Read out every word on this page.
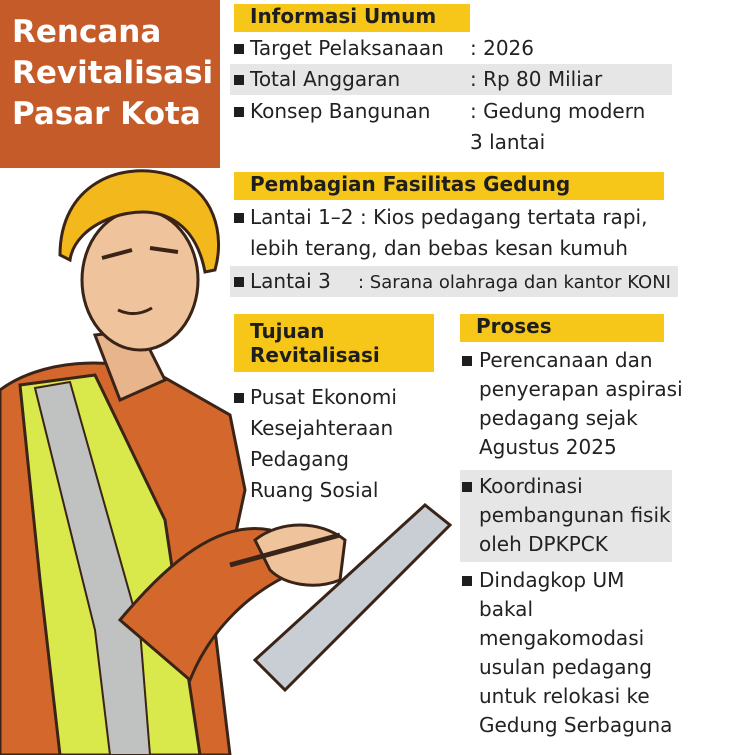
Rencana
Revitalisasi
Pasar Kota
Informasi Umum
Target Pelaksanaan : 2026
Total Anggaran	: Rp 80 Miliar
Konsep Bangunan : Gedung modern
3 lantai
Pembagian Fasilitas Gedung
Lantai 1–2 : Kios pedagang tertata rapi,
lebih terang, dan bebas kesan kumuh
Lantai 3 : Sarana olahraga dan kantor KONI
Tujuan
Revitalisasi
Pusat Ekonomi
Kesejahteraan
Pedagang
Ruang Sosial
Proses
Perencanaan dan
penyerapan aspirasi
pedagang sejak
Agustus 2025
Koordinasi
pembangunan fisik
oleh DPKPCK
Dindagkop UM
bakal
mengakomodasi
usulan pedagang
untuk relokasi ke
Gedung Serbaguna
